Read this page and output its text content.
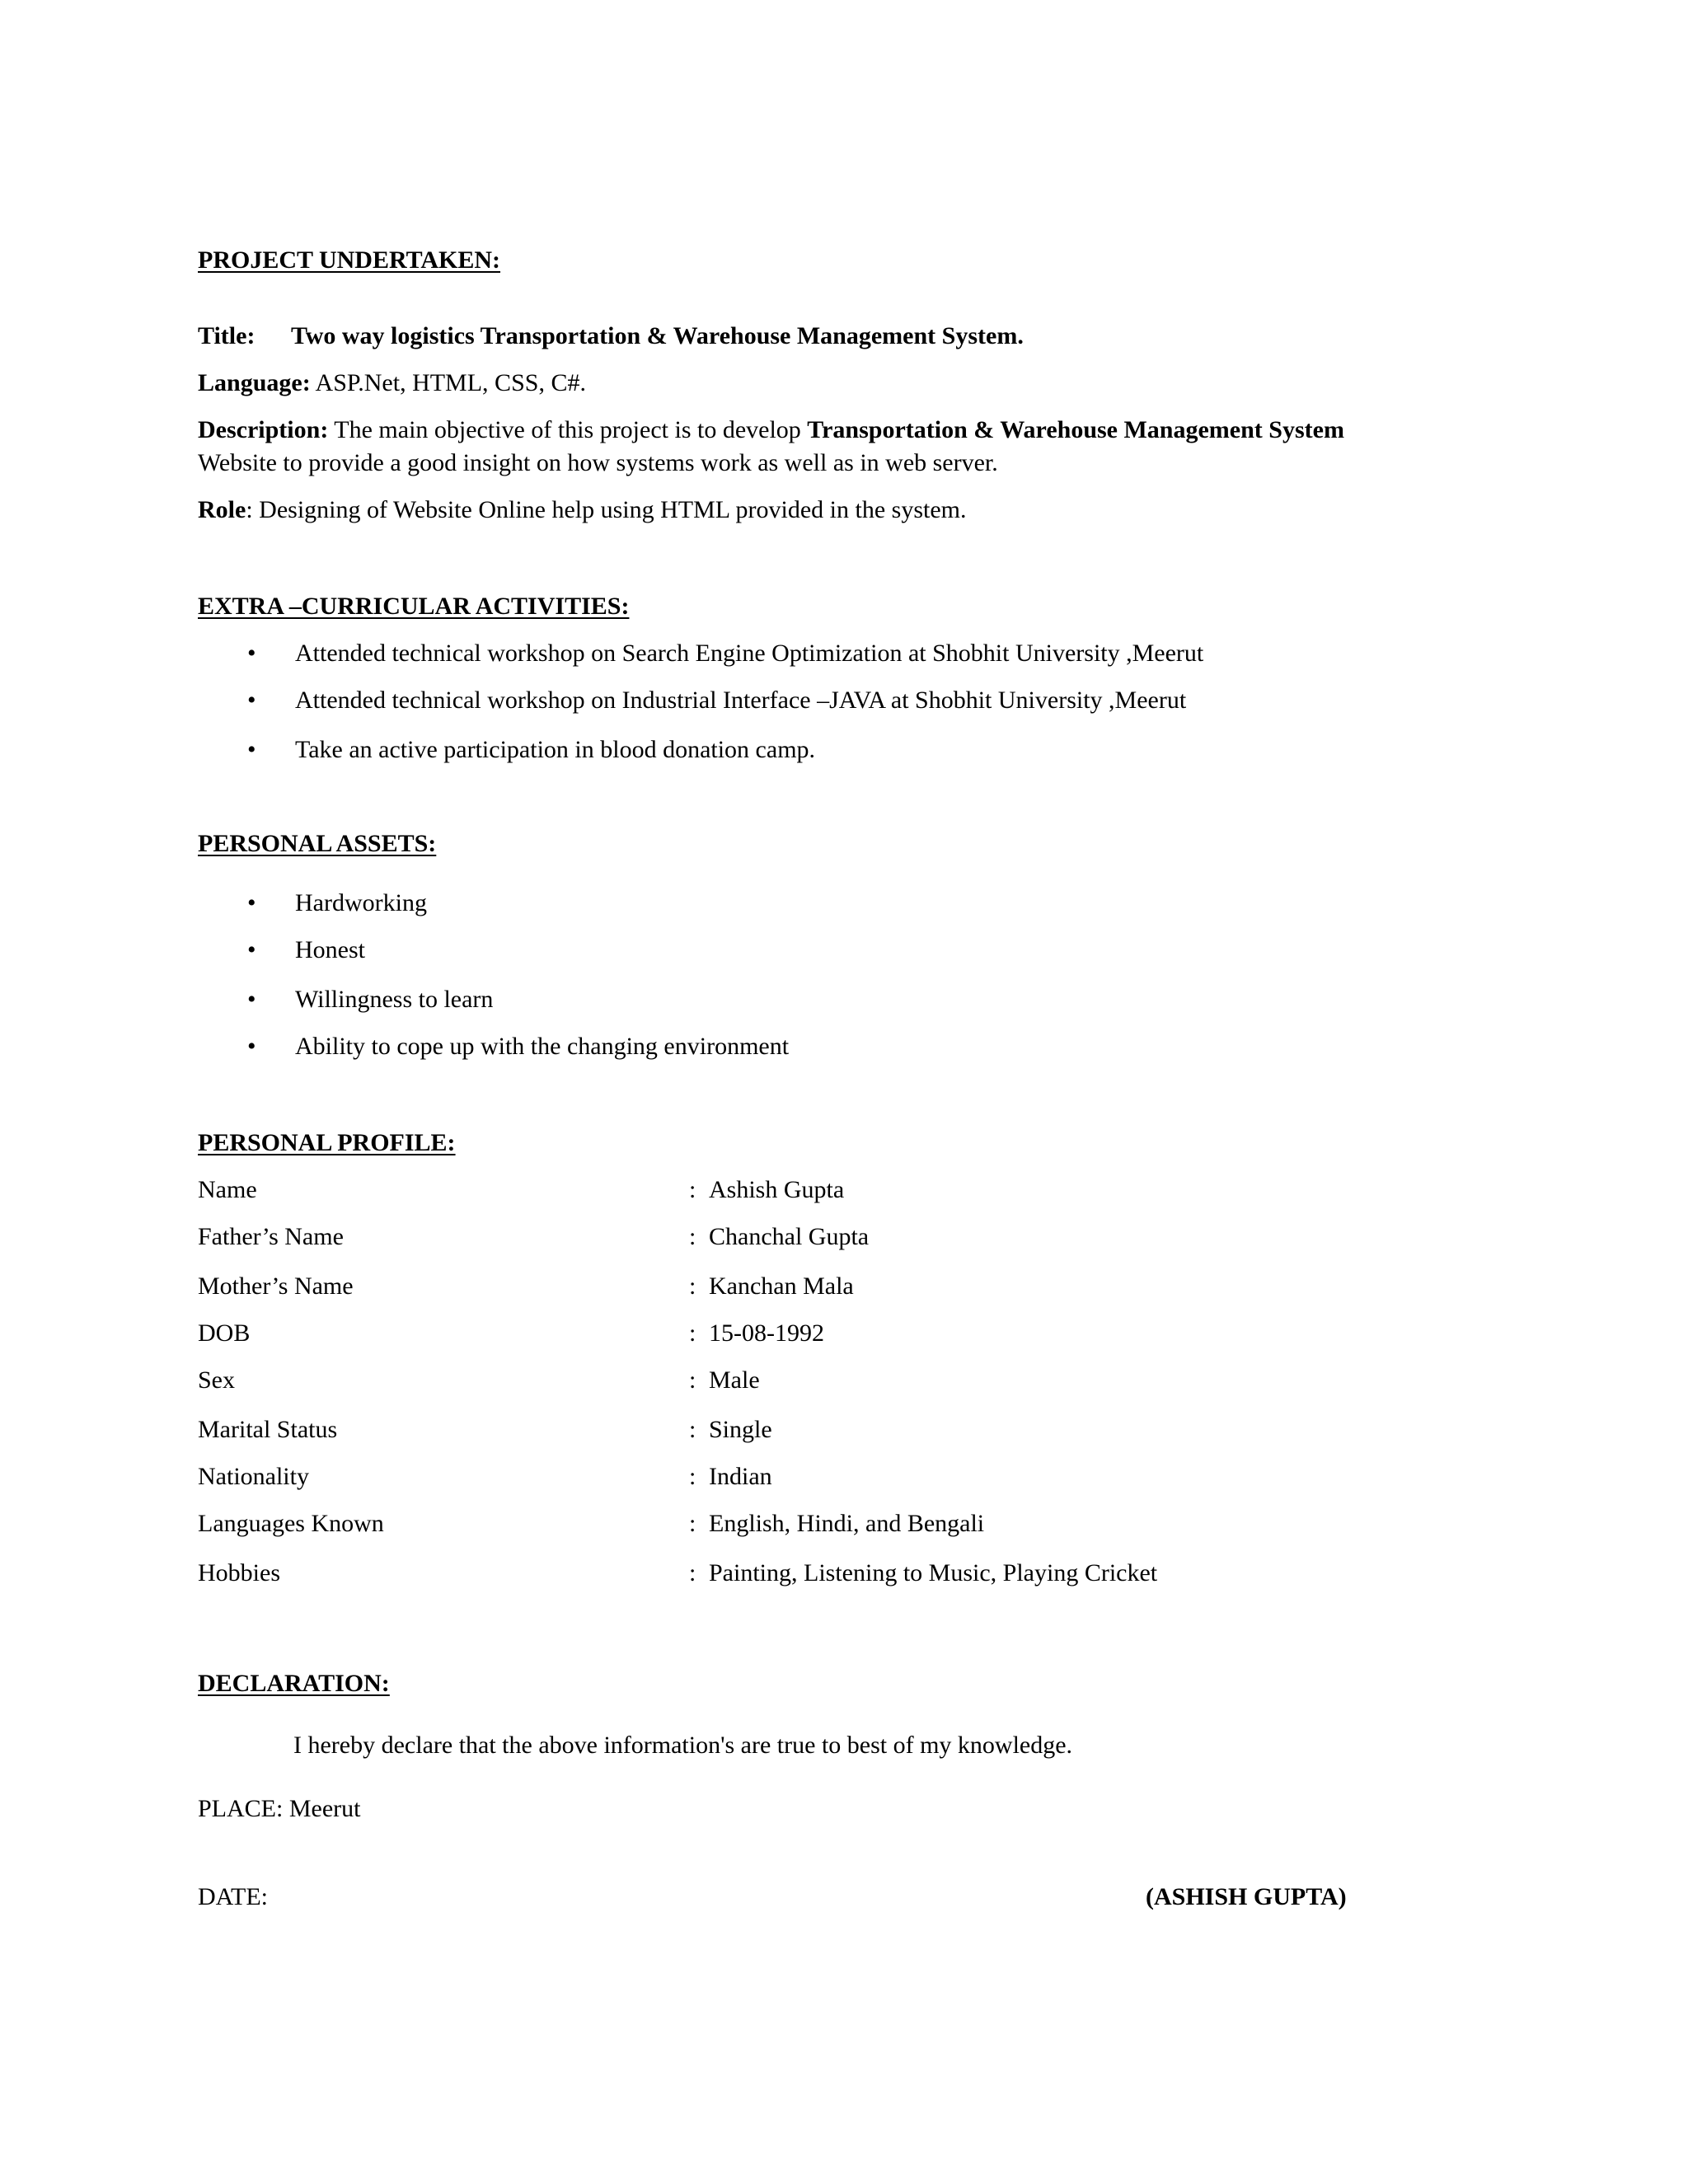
PROJECT UNDERTAKEN:
Title: Two way logistics Transportation & Warehouse Management System.
Language: ASP.Net, HTML, CSS, C#.
Description: The main objective of this project is to develop Transportation & Warehouse Management System
Website to provide a good insight on how systems work as well as in web server.
Role: Designing of Website Online help using HTML provided in the system.
EXTRA –CURRICULAR ACTIVITIES:
• Attended technical workshop on Search Engine Optimization at Shobhit University ,Meerut
• Attended technical workshop on Industrial Interface –JAVA at Shobhit University ,Meerut
• Take an active participation in blood donation camp.
PERSONAL ASSETS:
• Hardworking
• Honest
• Willingness to learn
• Ability to cope up with the changing environment
PERSONAL PROFILE:
Name	: Ashish Gupta
Father’s Name	: Chanchal Gupta
Mother’s Name	: Kanchan Mala
DOB	: 15-08-1992
Sex	: Male
Marital Status	: Single
Nationality	: Indian
Languages Known	: English, Hindi, and Bengali
Hobbies	: Painting, Listening to Music, Playing Cricket
DECLARATION:
I hereby declare that the above information's are true to best of my knowledge.
PLACE: Meerut
DATE:	(ASHISH GUPTA)
